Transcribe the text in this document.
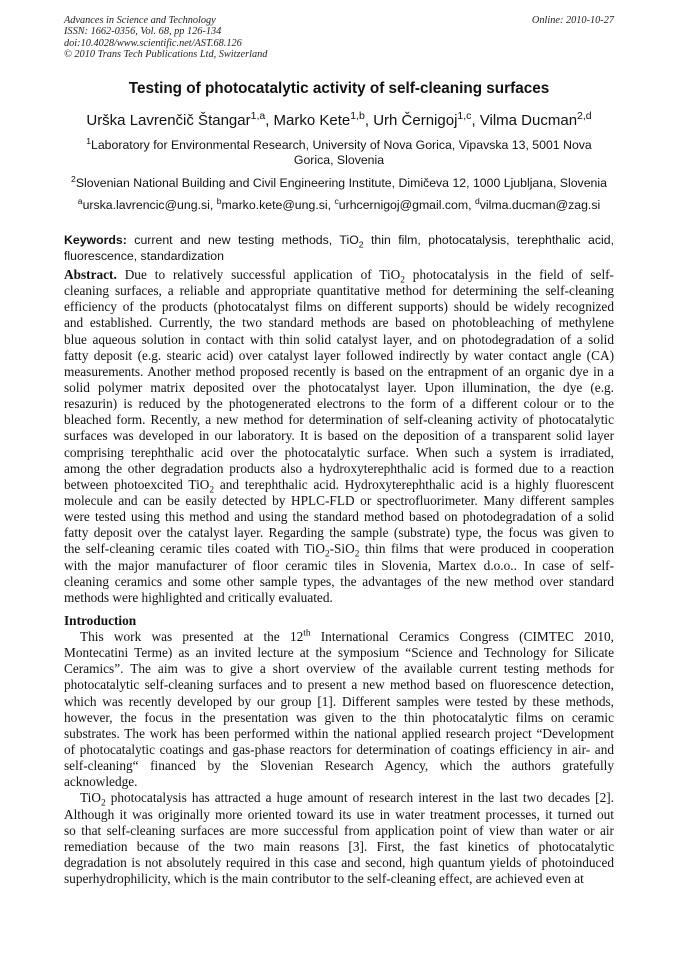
Advances in Science and Technology
ISSN: 1662-0356, Vol. 68, pp 126-134
doi:10.4028/www.scientific.net/AST.68.126
© 2010 Trans Tech Publications Ltd, Switzerland
Online: 2010-10-27
Testing of photocatalytic activity of self-cleaning surfaces
Urška Lavrenčič Štangar$^{1,a}$, Marko Kete$^{1,b}$, Urh Černigoj$^{1,c}$, Vilma Ducman$^{2,d}$
$^1$Laboratory for Environmental Research, University of Nova Gorica, Vipavska 13, 5001 Nova
Gorica, Slovenia
$^2$Slovenian National Building and Civil Engineering Institute, Dimičeva 12, 1000 Ljubljana, Slovenia
$^a$urska.lavrencic@ung.si, $^b$marko.kete@ung.si, $^c$urhcernigoj@gmail.com, $^d$vilma.ducman@zag.si
Keywords: current and new testing methods, TiO$_2$ thin film, photocatalysis, terephthalic acid,
fluorescence, standardization
Abstract. Due to relatively successful application of TiO$_2$ photocatalysis in the field of self-
cleaning surfaces, a reliable and appropriate quantitative method for determining the self-cleaning
efficiency of the products (photocatalyst films on different supports) should be widely recognized
and established. Currently, the two standard methods are based on photobleaching of methylene
blue aqueous solution in contact with thin solid catalyst layer, and on photodegradation of a solid
fatty deposit (e.g. stearic acid) over catalyst layer followed indirectly by water contact angle (CA)
measurements. Another method proposed recently is based on the entrapment of an organic dye in a
solid polymer matrix deposited over the photocatalyst layer. Upon illumination, the dye (e.g.
resazurin) is reduced by the photogenerated electrons to the form of a different colour or to the
bleached form. Recently, a new method for determination of self-cleaning activity of photocatalytic
surfaces was developed in our laboratory. It is based on the deposition of a transparent solid layer
comprising terephthalic acid over the photocatalytic surface. When such a system is irradiated,
among the other degradation products also a hydroxyterephthalic acid is formed due to a reaction
between photoexcited TiO$_2$ and terephthalic acid. Hydroxyterephthalic acid is a highly fluorescent
molecule and can be easily detected by HPLC-FLD or spectrofluorimeter. Many different samples
were tested using this method and using the standard method based on photodegradation of a solid
fatty deposit over the catalyst layer. Regarding the sample (substrate) type, the focus was given to
the self-cleaning ceramic tiles coated with TiO$_2$-SiO$_2$ thin films that were produced in cooperation
with the major manufacturer of floor ceramic tiles in Slovenia, Martex d.o.o.. In case of self-
cleaning ceramics and some other sample types, the advantages of the new method over standard
methods were highlighted and critically evaluated.
Introduction
This work was presented at the 12th International Ceramics Congress (CIMTEC 2010,
Montecatini Terme) as an invited lecture at the symposium “Science and Technology for Silicate
Ceramics”. The aim was to give a short overview of the available current testing methods for
photocatalytic self-cleaning surfaces and to present a new method based on fluorescence detection,
which was recently developed by our group [1]. Different samples were tested by these methods,
however, the focus in the presentation was given to the thin photocatalytic films on ceramic
substrates. The work has been performed within the national applied research project “Development
of photocatalytic coatings and gas-phase reactors for determination of coatings efficiency in air- and
self-cleaning“ financed by the Slovenian Research Agency, which the authors gratefully
acknowledge.
TiO$_2$ photocatalysis has attracted a huge amount of research interest in the last two decades [2].
Although it was originally more oriented toward its use in water treatment processes, it turned out
so that self-cleaning surfaces are more successful from application point of view than water or air
remediation because of the two main reasons [3]. First, the fast kinetics of photocatalytic
degradation is not absolutely required in this case and second, high quantum yields of photoinduced
superhydrophilicity, which is the main contributor to the self-cleaning effect, are achieved even at
